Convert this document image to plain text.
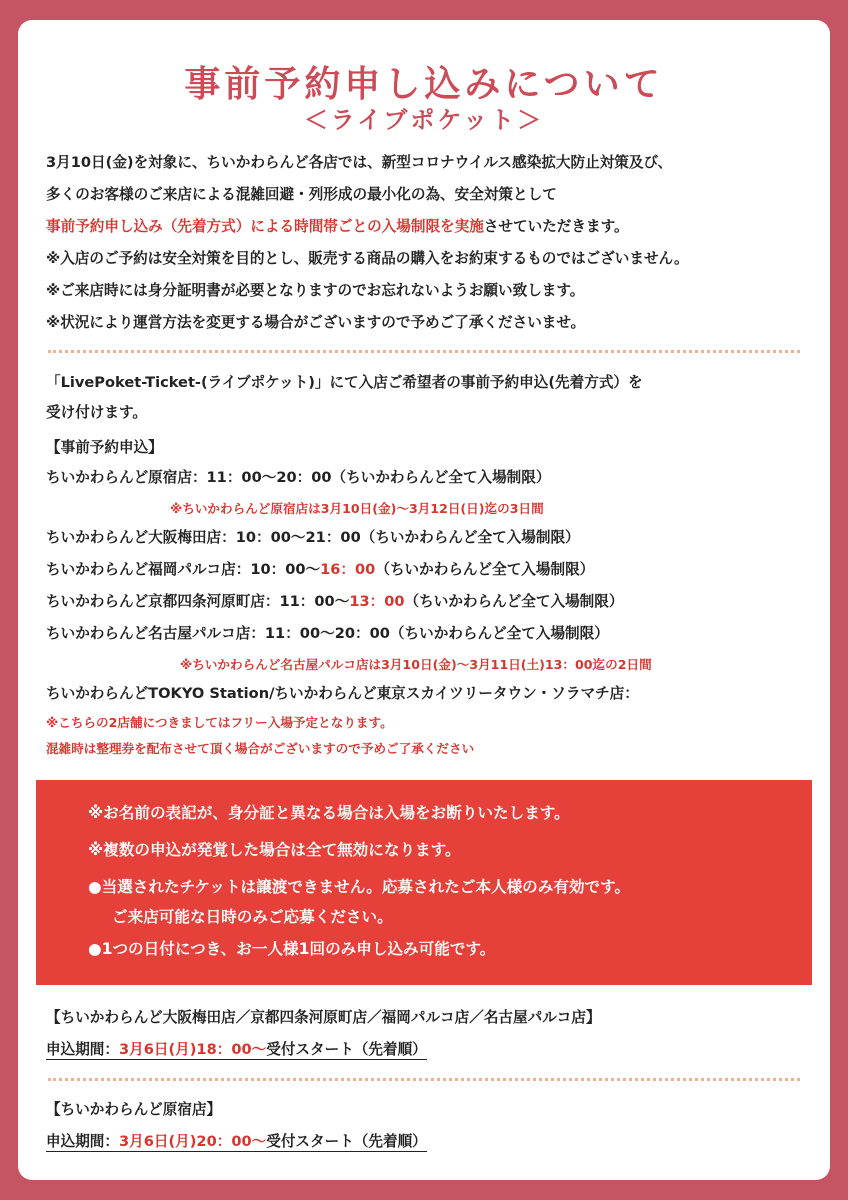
事前予約申し込みについて
＜ライブポケット＞
3月10日(金)を対象に、ちいかわらんど各店では、新型コロナウイルス感染拡大防止対策及び、
多くのお客様のご来店による混雑回避・列形成の最小化の為、安全対策として
事前予約申し込み（先着方式）による時間帯ごとの入場制限を実施させていただきます。
※入店のご予約は安全対策を目的とし、販売する商品の購入をお約束するものではございません。
※ご来店時には身分証明書が必要となりますのでお忘れないようお願い致します。
※状況により運営方法を変更する場合がございますので予めご了承くださいませ。
「LivePoket-Ticket-(ライブポケット)」にて入店ご希望者の事前予約申込(先着方式）を
受け付けます。
【事前予約申込】
ちいかわらんど原宿店：11：00～20：00（ちいかわらんど全て入場制限）
※ちいかわらんど原宿店は3月10日(金)～3月12日(日)迄の3日間
ちいかわらんど大阪梅田店：10：00～21：00（ちいかわらんど全て入場制限）
ちいかわらんど福岡パルコ店：10：00～16：00（ちいかわらんど全て入場制限）
ちいかわらんど京都四条河原町店：11：00～13：00（ちいかわらんど全て入場制限）
ちいかわらんど名古屋パルコ店：11：00～20：00（ちいかわらんど全て入場制限）
※ちいかわらんど名古屋パルコ店は3月10日(金)～3月11日(土)13：00迄の2日間
ちいかわらんどTOKYO Station/ちいかわらんど東京スカイツリータウン・ソラマチ店：
※こちらの2店舗につきましてはフリー入場予定となります。
混雑時は整理券を配布させて頂く場合がございますので予めご了承ください
※お名前の表記が、身分証と異なる場合は入場をお断りいたします。
※複数の申込が発覚した場合は全て無効になります。
●当選されたチケットは譲渡できません。応募されたご本人様のみ有効です。
ご来店可能な日時のみご応募ください。
●1つの日付につき、お一人様1回のみ申し込み可能です。
【ちいかわらんど大阪梅田店／京都四条河原町店／福岡パルコ店／名古屋パルコ店】
申込期間：3月6日(月)18：00～受付スタート（先着順）
【ちいかわらんど原宿店】
申込期間：3月6日(月)20：00～受付スタート（先着順）
